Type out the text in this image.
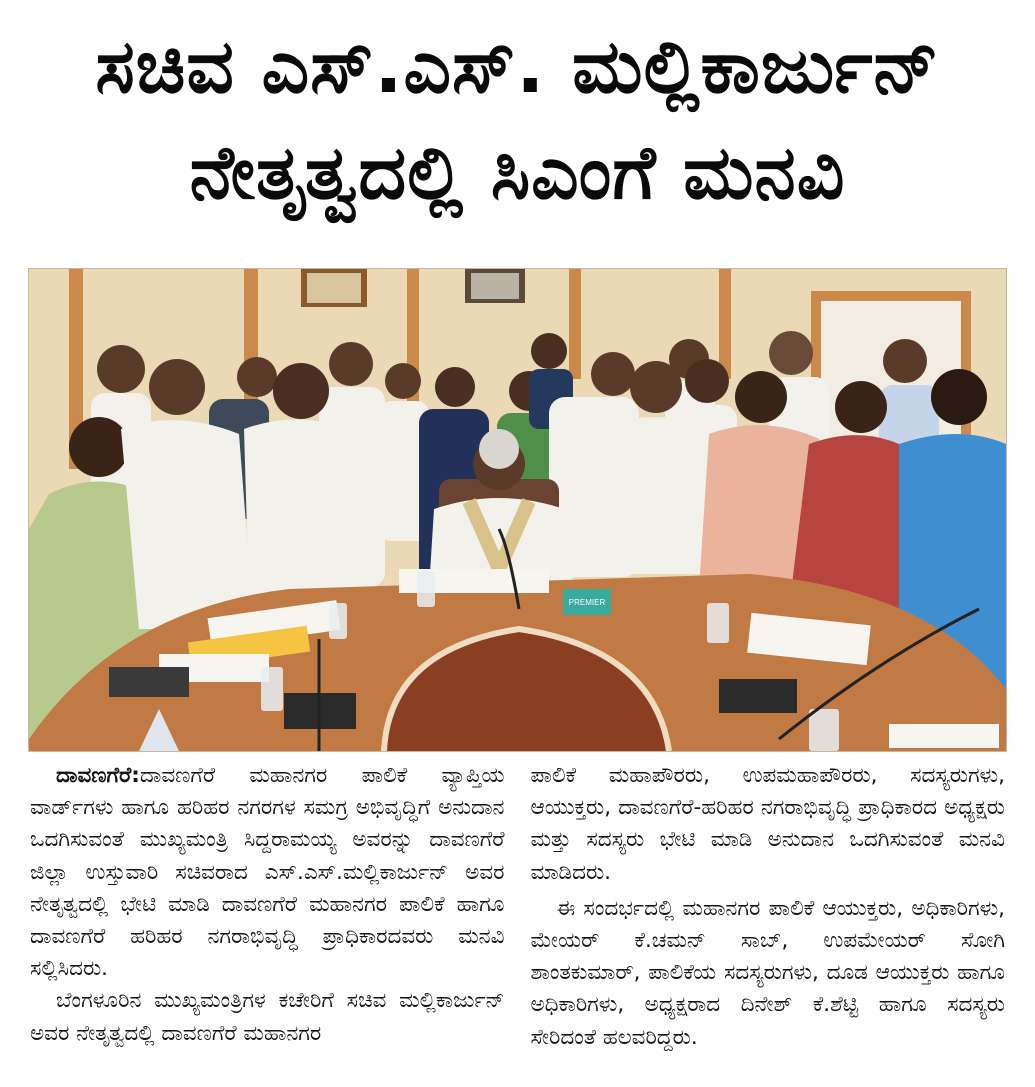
ಸಚಿವ ಎಸ್.ಎಸ್. ಮಲ್ಲಿಕಾರ್ಜುನ್
ನೇತೃತ್ವದಲ್ಲಿ ಸಿಎಂಗೆ ಮನವಿ
PREMIER

ದಾವಣಗೆರೆ:ದಾವಣಗೆರೆ ಮಹಾನಗರ ಪಾಲಿಕೆ ವ್ಯಾಪ್ತಿಯ ವಾರ್ಡ್‌ಗಳು ಹಾಗೂ ಹರಿಹರ ನಗರಗಳ ಸಮಗ್ರ ಅಭಿವೃದ್ಧಿಗೆ ಅನುದಾನ ಒದಗಿಸುವಂತೆ ಮುಖ್ಯಮಂತ್ರಿ ಸಿದ್ದರಾಮಯ್ಯ ಅವರನ್ನು ದಾವಣಗೆರೆ ಜಿಲ್ಲಾ ಉಸ್ತುವಾರಿ ಸಚಿವರಾದ ಎಸ್.ಎಸ್.ಮಲ್ಲಿಕಾರ್ಜುನ್ ಅವರ ನೇತೃತ್ವದಲ್ಲಿ ಭೇಟಿ ಮಾಡಿ ದಾವಣಗೆರೆ ಮಹಾನಗರ ಪಾಲಿಕೆ ಹಾಗೂ ದಾವಣಗೆರೆ ಹರಿಹರ ನಗರಾಭಿವೃದ್ಧಿ ಪ್ರಾಧಿಕಾರದವರು ಮನವಿ ಸಲ್ಲಿಸಿದರು.

ಬೆಂಗಳೂರಿನ ಮುಖ್ಯಮಂತ್ರಿಗಳ ಕಚೇರಿಗೆ ಸಚಿವ ಮಲ್ಲಿಕಾರ್ಜುನ್ ಅವರ ನೇತೃತ್ವದಲ್ಲಿ ದಾವಣಗೆರೆ ಮಹಾನಗರ

ಪಾಲಿಕೆ ಮಹಾಪೌರರು, ಉಪಮಹಾಪೌರರು, ಸದಸ್ಯರುಗಳು, ಆಯುಕ್ತರು, ದಾವಣಗೆರೆ-ಹರಿಹರ ನಗರಾಭಿವೃದ್ಧಿ ಪ್ರಾಧಿಕಾರದ ಅಧ್ಯಕ್ಷರು ಮತ್ತು ಸದಸ್ಯರು ಭೇಟಿ ಮಾಡಿ ಅನುದಾನ ಒದಗಿಸುವಂತೆ ಮನವಿ ಮಾಡಿದರು.

ಈ ಸಂದರ್ಭದಲ್ಲಿ ಮಹಾನಗರ ಪಾಲಿಕೆ ಆಯುಕ್ತರು, ಅಧಿಕಾರಿಗಳು, ಮೇಯರ್ ಕೆ.ಚಮನ್ ಸಾಬ್, ಉಪಮೇಯರ್ ಸೋಗಿ ಶಾಂತಕುಮಾರ್, ಪಾಲಿಕೆಯ ಸದಸ್ಯರುಗಳು, ದೂಡ ಆಯುಕ್ತರು ಹಾಗೂ ಅಧಿಕಾರಿಗಳು, ಅಧ್ಯಕ್ಷರಾದ ದಿನೇಶ್ ಕೆ.ಶೆಟ್ಟಿ ಹಾಗೂ ಸದಸ್ಯರು ಸೇರಿದಂತೆ ಹಲವರಿದ್ದರು.
